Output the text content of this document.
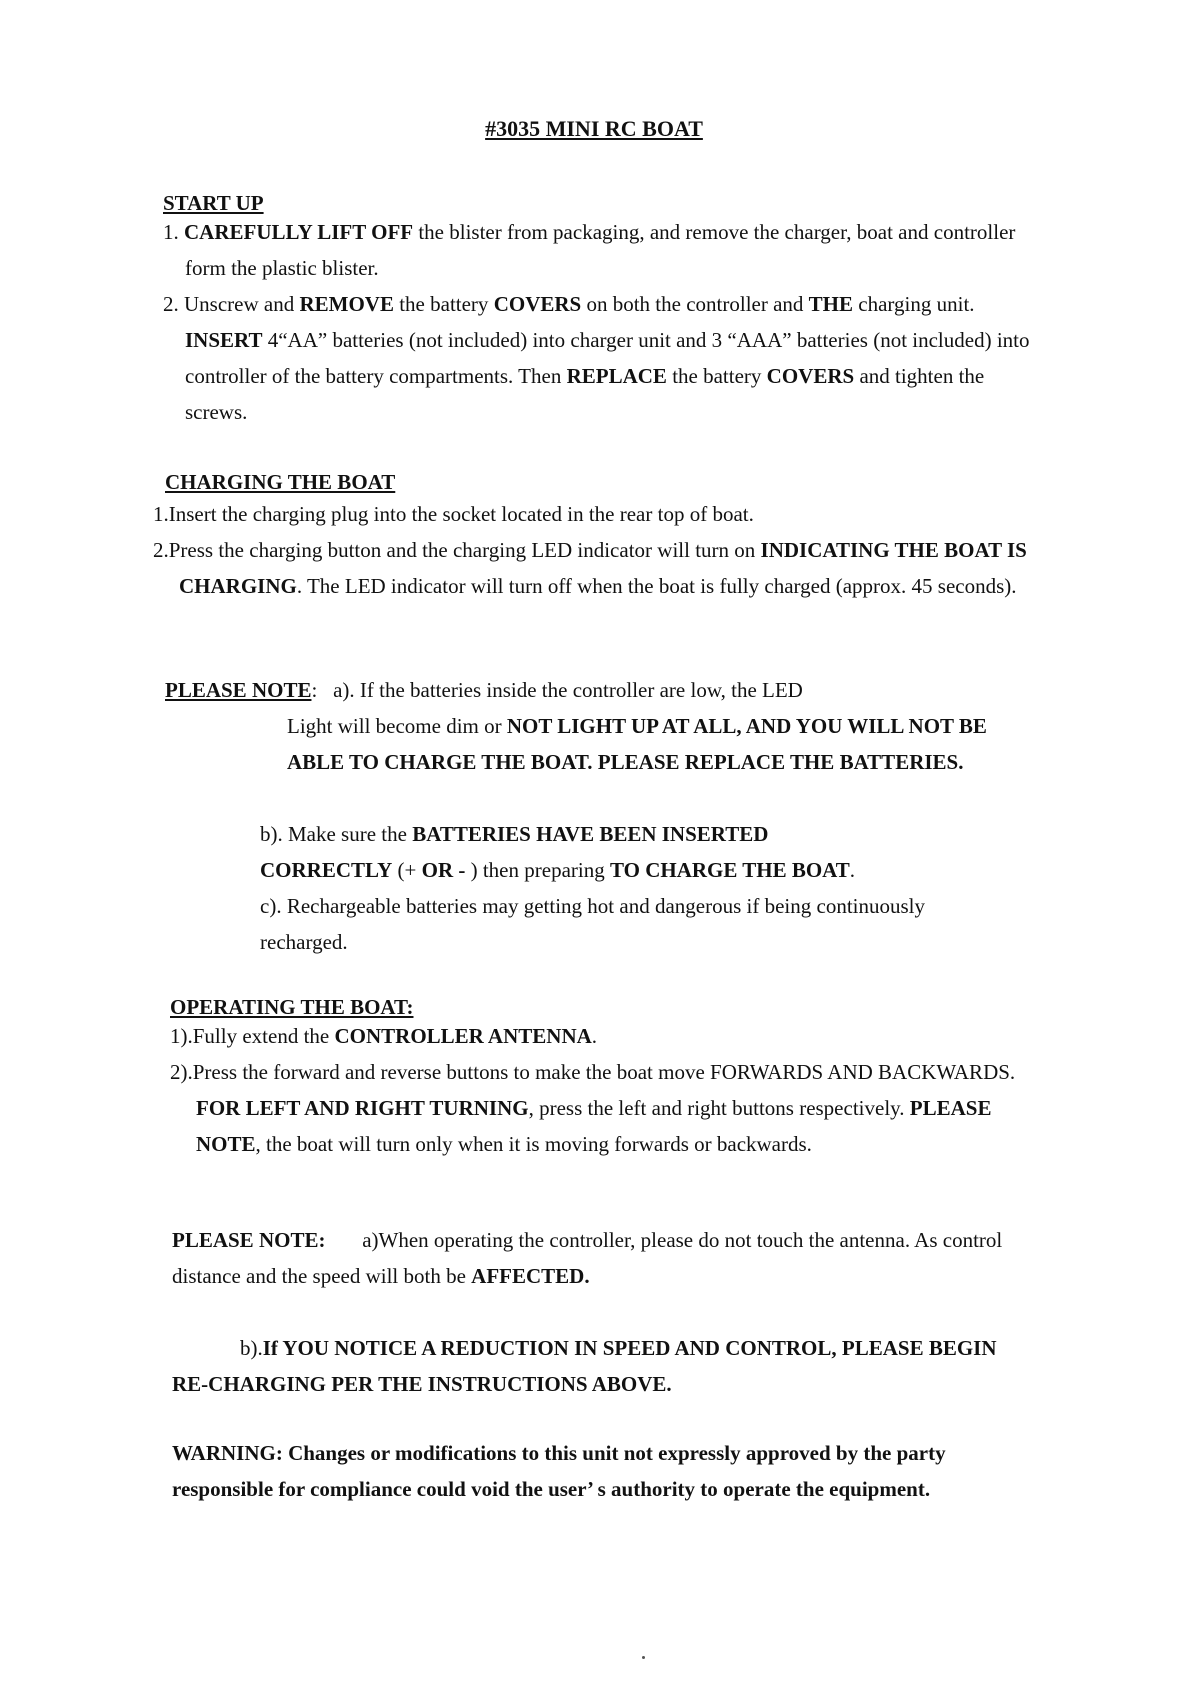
#3035 MINI RC BOAT
START UP
1. CAREFULLY LIFT OFF the blister from packaging, and remove the charger, boat and controller form the plastic blister.
2. Unscrew and REMOVE the battery COVERS on both the controller and THE charging unit. INSERT 4“AA” batteries (not included) into charger unit and 3 “AAA” batteries (not included) into controller of the battery compartments. Then REPLACE the battery COVERS and tighten the screws.
CHARGING THE BOAT
1.Insert the charging plug into the socket located in the rear top of boat.
2.Press the charging button and the charging LED indicator will turn on INDICATING THE BOAT IS CHARGING. The LED indicator will turn off when the boat is fully charged (approx. 45 seconds).
PLEASE NOTE: a). If the batteries inside the controller are low, the LED
Light will become dim or NOT LIGHT UP AT ALL, AND YOU WILL NOT BE ABLE TO CHARGE THE BOAT. PLEASE REPLACE THE BATTERIES.
b). Make sure the BATTERIES HAVE BEEN INSERTED CORRECTLY (+ OR - ) then preparing TO CHARGE THE BOAT.
c). Rechargeable batteries may getting hot and dangerous if being continuously recharged.
OPERATING THE BOAT:
1).Fully extend the CONTROLLER ANTENNA.
2).Press the forward and reverse buttons to make the boat move FORWARDS AND BACKWARDS. FOR LEFT AND RIGHT TURNING, press the left and right buttons respectively. PLEASE NOTE, the boat will turn only when it is moving forwards or backwards.
PLEASE NOTE: a)When operating the controller, please do not touch the antenna. As control distance and the speed will both be AFFECTED.
b).If YOU NOTICE A REDUCTION IN SPEED AND CONTROL, PLEASE BEGIN RE-CHARGING PER THE INSTRUCTIONS ABOVE.
WARNING: Changes or modifications to this unit not expressly approved by the party responsible for compliance could void the user’ s authority to operate the equipment.
